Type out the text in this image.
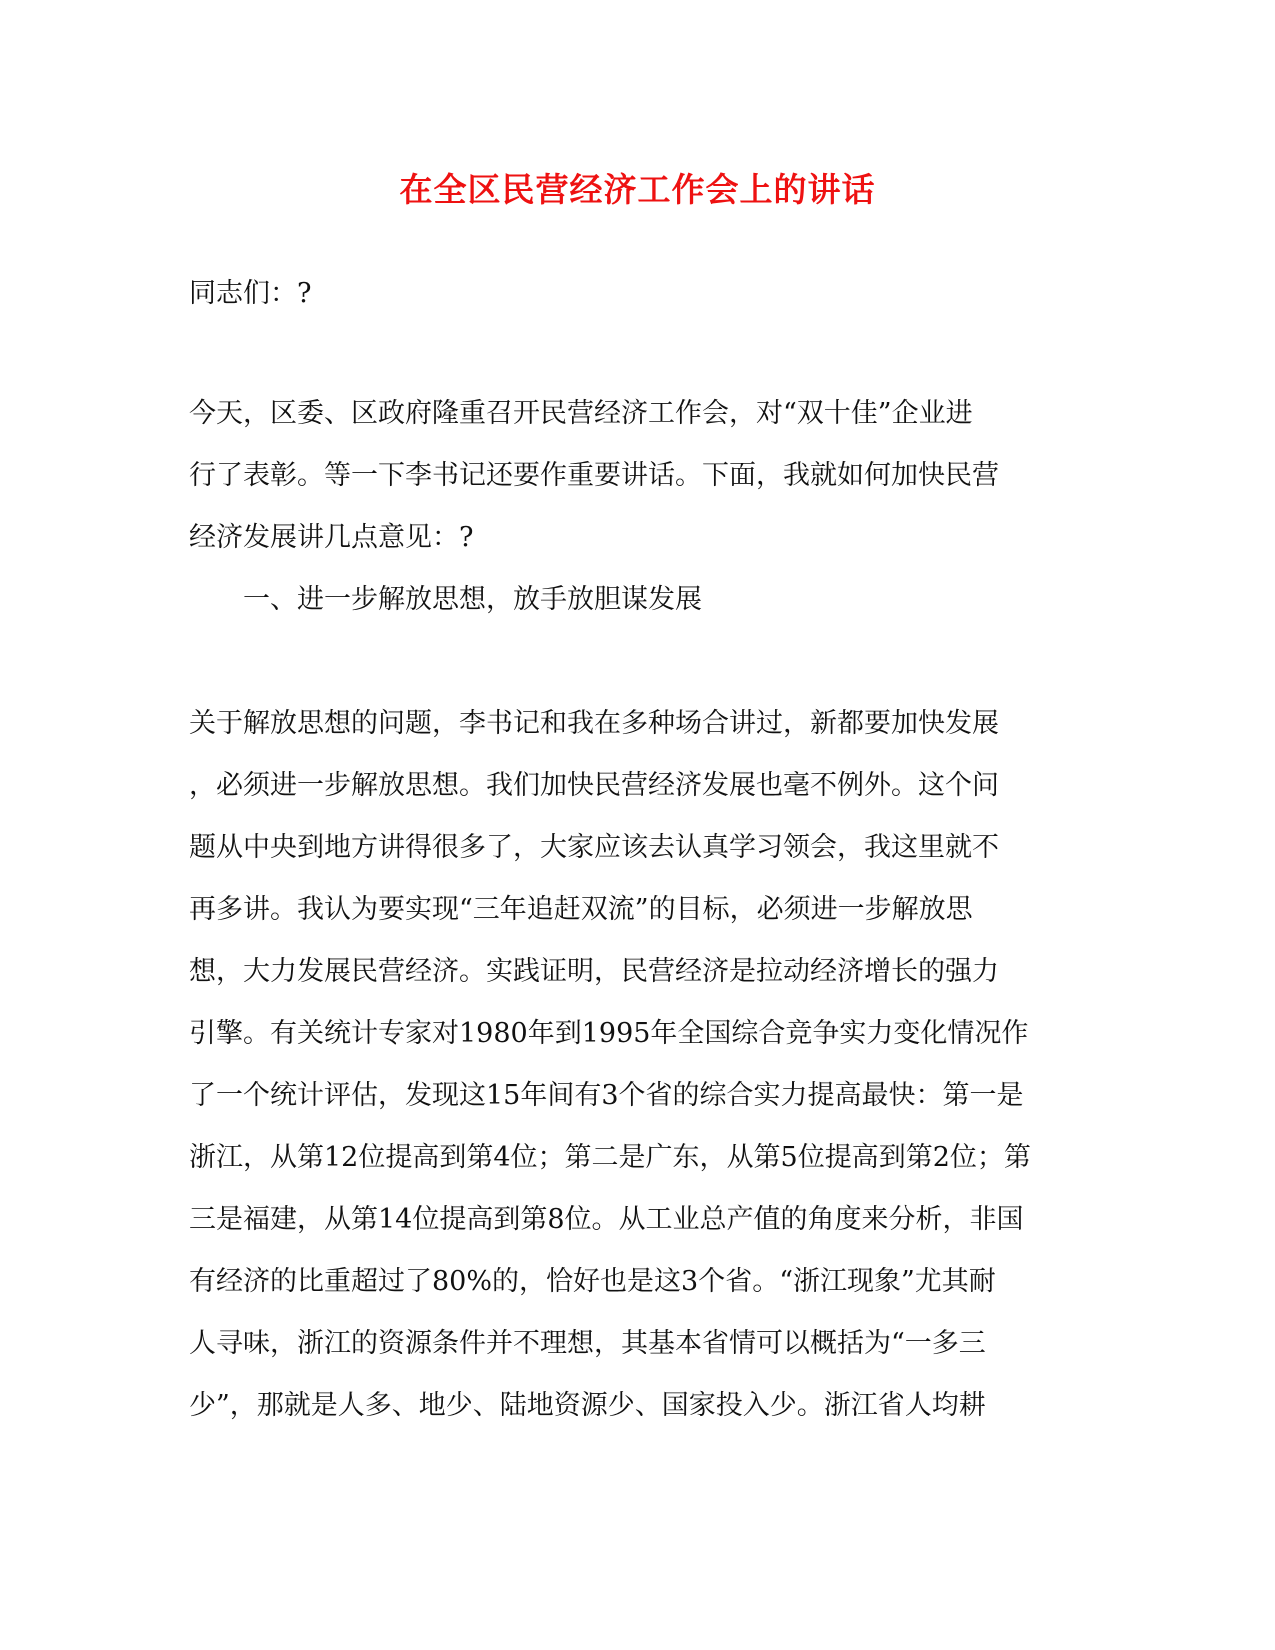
在全区民营经济工作会上的讲话

同志们：?

今天，区委、区政府隆重召开民营经济工作会，对“双十佳”企业进

行了表彰。等一下李书记还要作重要讲话。下面，我就如何加快民营

经济发展讲几点意见：?

一、进一步解放思想，放手放胆谋发展

关于解放思想的问题，李书记和我在多种场合讲过，新都要加快发展

，必须进一步解放思想。我们加快民营经济发展也毫不例外。这个问

题从中央到地方讲得很多了，大家应该去认真学习领会，我这里就不

再多讲。我认为要实现“三年追赶双流”的目标，必须进一步解放思

想，大力发展民营经济。实践证明，民营经济是拉动经济增长的强力

引擎。有关统计专家对1980年到1995年全国综合竞争实力变化情况作

了一个统计评估，发现这15年间有3个省的综合实力提高最快：第一是

浙江，从第12位提高到第4位；第二是广东，从第5位提高到第2位；第

三是福建，从第14位提高到第8位。从工业总产值的角度来分析，非国

有经济的比重超过了80%的，恰好也是这3个省。“浙江现象”尤其耐

人寻味，浙江的资源条件并不理想，其基本省情可以概括为“一多三

少”，那就是人多、地少、陆地资源少、国家投入少。浙江省人均耕
